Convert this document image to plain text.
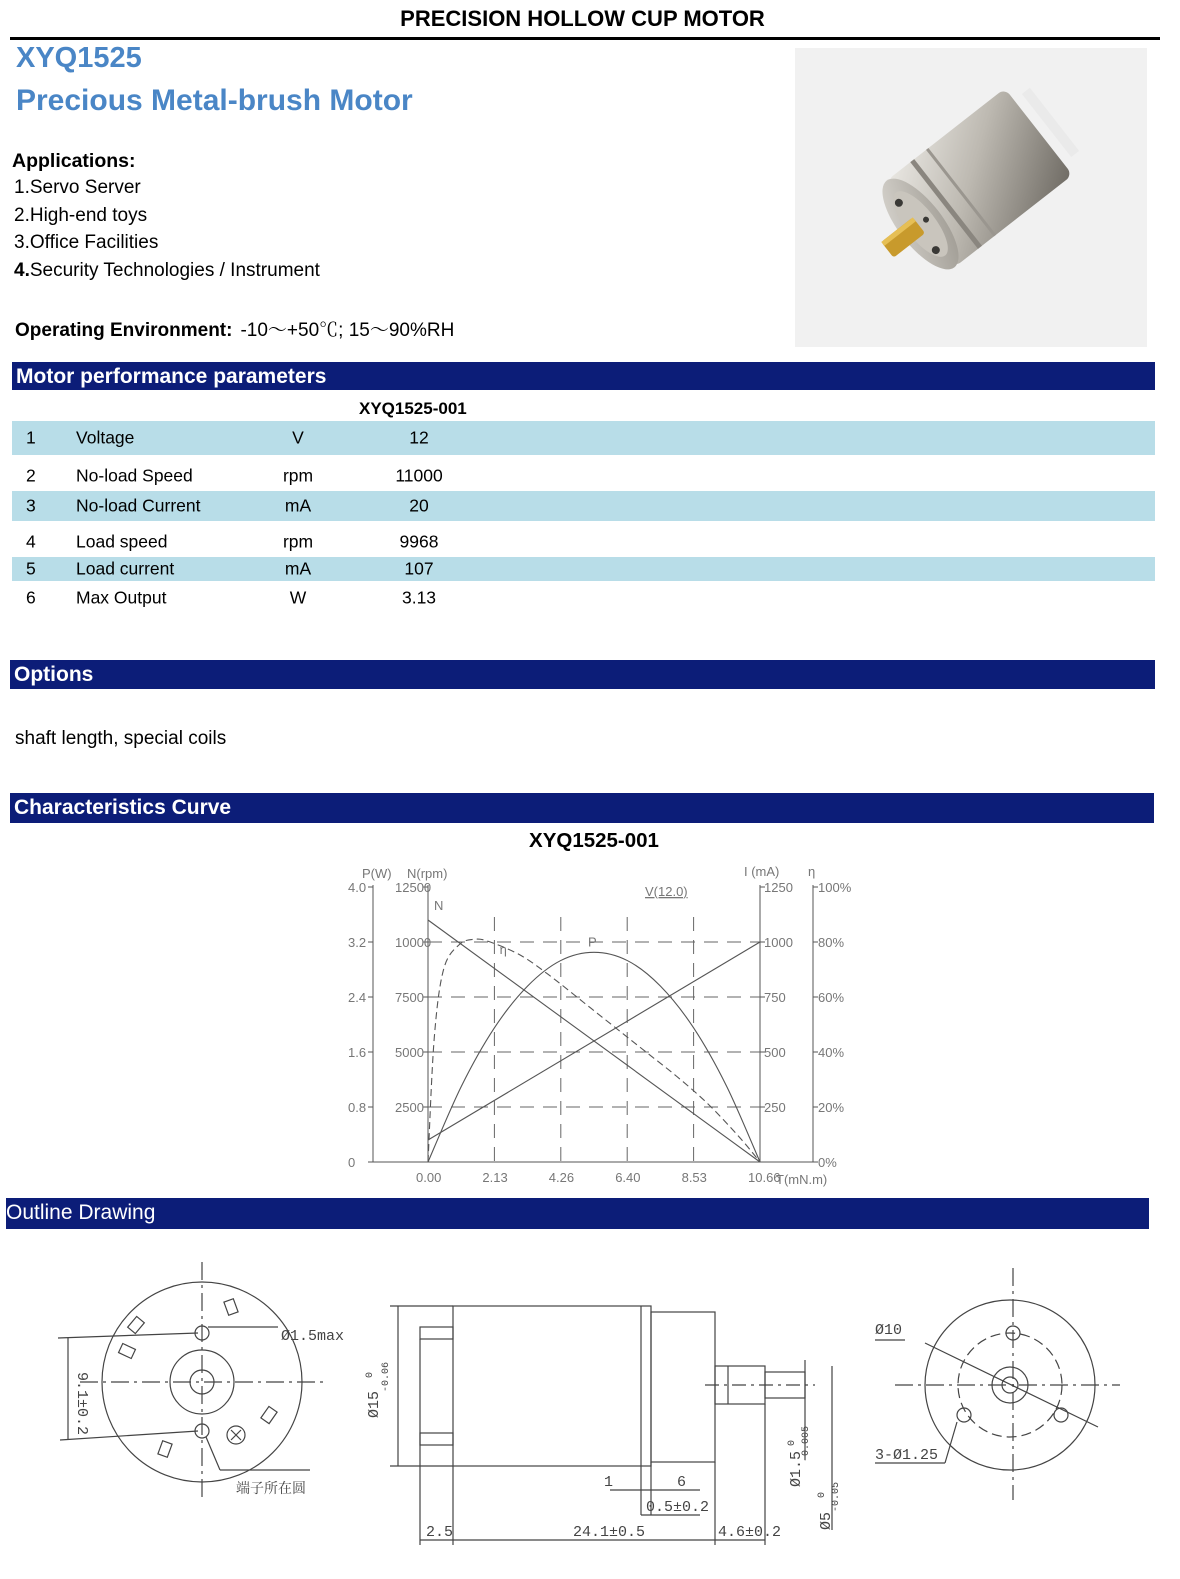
PRECISION HOLLOW CUP MOTOR
XYQ1525
Precious Metal-brush Motor
Applications:
1.Servo Server
2.High-end toys
3.Office Facilities
4.Security Technologies / Instrument
Operating Environment: -10～+50℃; 15～90%RH
Motor performance parameters
XYQ1525-001
1 Voltage	V	12
2 No-load Speed	rpm	11000
3 No-load Current	mA	20
4 Load speed	rpm	9968
5 Load current	mA	107
6 Max Output	W	3.13
Options
shaft length, special coils
Characteristics Curve
XYQ1525-001
0.00	2.13	4.26	6.40	8.53	10.66
0
0.8
1.6
2.4
3.2
4.0
2500
5000
7500
10000
12500
250
500
750
1000
1250
0%
20%
40%
60%
80%
100%
N
P
η
P(W) N(rpm)	I (mA) η
V(12.0)
T(mN.m)
Outline Drawing
Ø1.5max
9.1±0.2
端子所在圆
Ø15
0 -0.06
1	6
0.5±0.2
2.5	24.1±0.5	4.6±0.2
Ø1.5
0 -0.005
Ø5
0 -0.05
Ø10
3-Ø1.25
